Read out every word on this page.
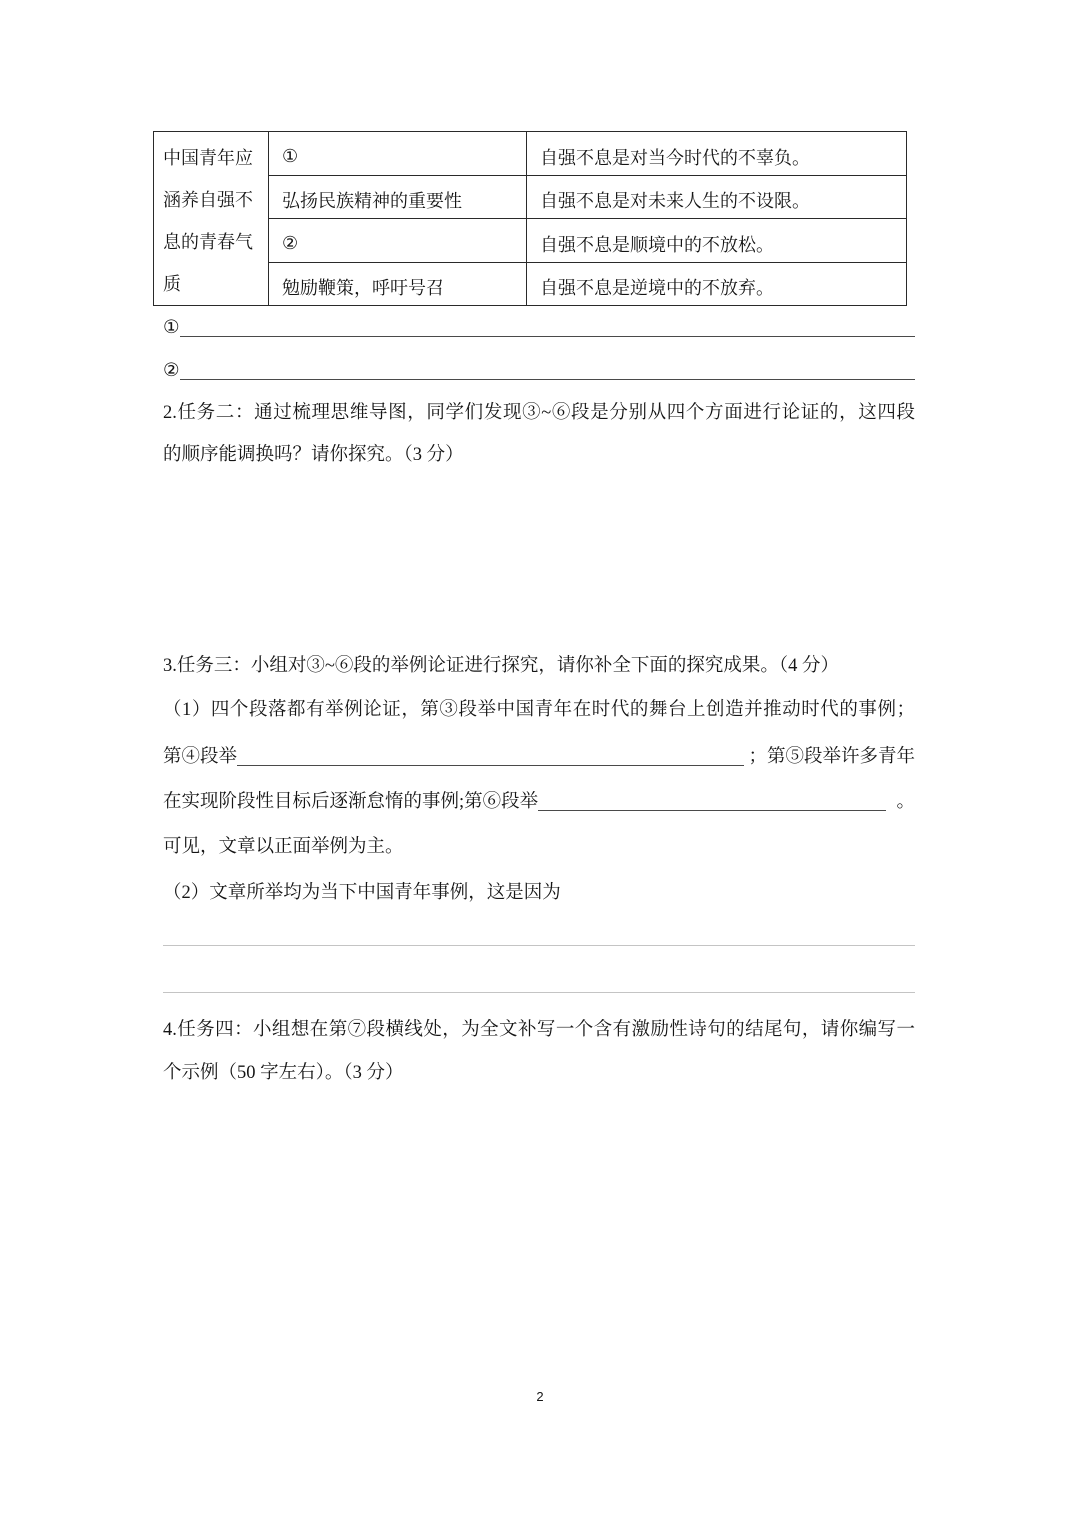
中国青年应
涵养自强不
息的青春气
质	①	自强不息是对当今时代的不辜负。
	弘扬民族精神的重要性	自强不息是对未来人生的不设限。
	②	自强不息是顺境中的不放松。
	勉励鞭策，呼吁号召	自强不息是逆境中的不放弃。
①
②
2.任务二：通过梳理思维导图，同学们发现③~⑥段是分别从四个方面进行论证的，这四段
的顺序能调换吗？请你探究。（3 分）
3.任务三：小组对③~⑥段的举例论证进行探究，请你补全下面的探究成果。（4 分）
（1）四个段落都有举例论证，第③段举中国青年在时代的舞台上创造并推动时代的事例；
第④段举	；第⑤段举许多青年
在实现阶段性目标后逐渐怠惰的事例;第⑥段举	。
可见，文章以正面举例为主。
（2）文章所举均为当下中国青年事例，这是因为
4.任务四：小组想在第⑦段横线处，为全文补写一个含有激励性诗句的结尾句，请你编写一
个示例（50 字左右）。（3 分）
2
